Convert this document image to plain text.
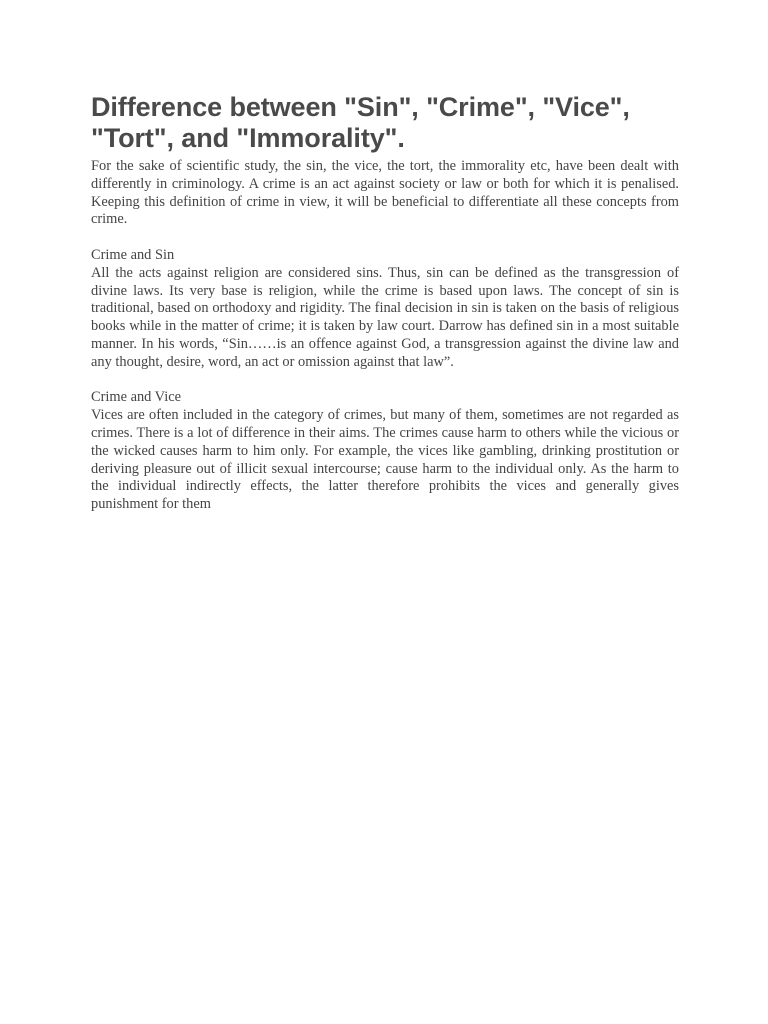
Difference between "Sin", "Crime", "Vice", "Tort", and "Immorality".

For the sake of scientific study, the sin, the vice, the tort, the immorality etc, have been dealt with differently in criminology. A crime is an act against society or law or both for which it is penalised. Keeping this definition of crime in view, it will be beneficial to differentiate all these concepts from crime.

Crime and Sin

All the acts against religion are considered sins. Thus, sin can be defined as the transgression of divine laws. Its very base is religion, while the crime is based upon laws. The concept of sin is traditional, based on orthodoxy and rigidity. The final decision in sin is taken on the basis of religious books while in the matter of crime; it is taken by law court. Darrow has defined sin in a most suitable manner. In his words, “Sin……is an offence against God, a transgression against the divine law and any thought, desire, word, an act or omission against that law”.

Crime and Vice

Vices are often included in the category of crimes, but many of them, sometimes are not regarded as crimes. There is a lot of difference in their aims. The crimes cause harm to others while the vicious or the wicked causes harm to him only. For example, the vices like gambling, drinking prostitution or deriving pleasure out of illicit sexual intercourse; cause harm to the individual only. As the harm to the individual indirectly effects, the latter therefore prohibits the vices and generally gives punishment for them
